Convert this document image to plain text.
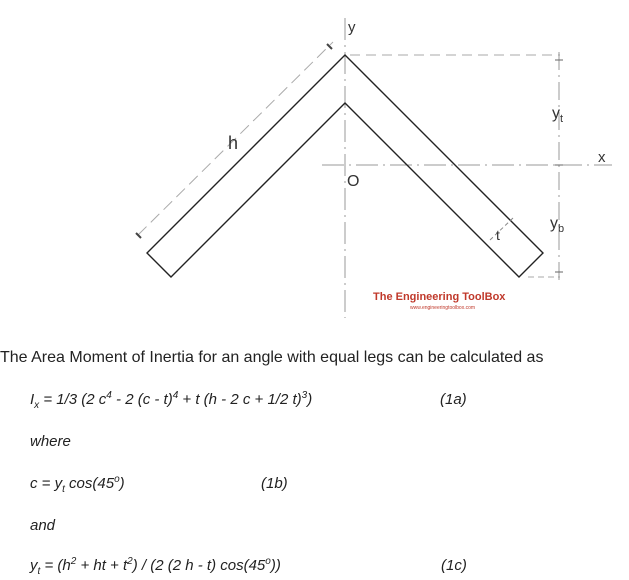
y
x
h
O
t
$y_t$
$y_b$
The Engineering ToolBox
www.engineeringtoolbox.com
The Area Moment of Inertia for an angle with equal legs can be calculated as
$I_x = 1/3$ (2 $c^4 - 2$ (c - t)$^4$ + t (h - 2 c + 1/2 t)$^3$)	(1a)
where
$c = y_t$ cos(45$^o$)	(1b)
and
$y_t = (h^2$ + ht + $t^2) / (2$ (2 h - t) cos(45$^o$))	(1c)
